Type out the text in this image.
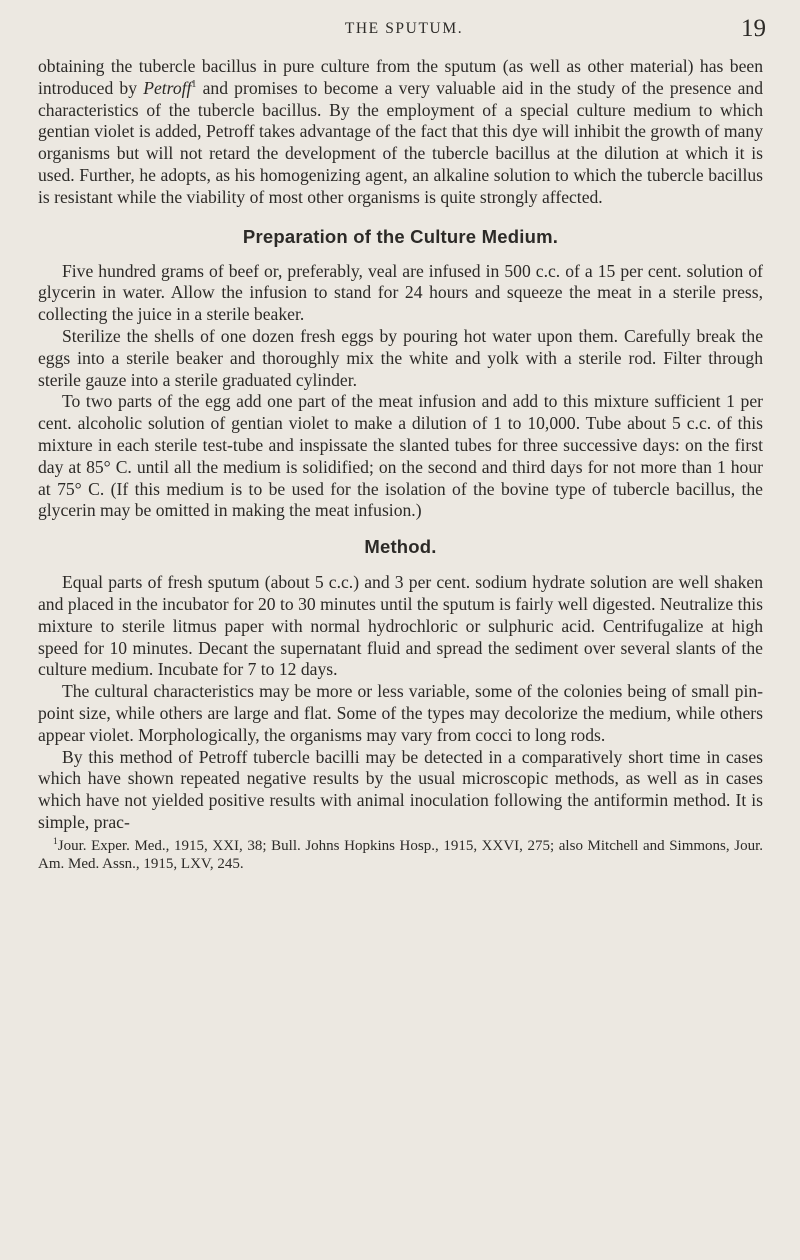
THE SPUTUM.	19

obtaining the tubercle bacillus in pure culture from the sputum (as well as other material) has been introduced by Petroff$^1$ and promises to become a very valuable aid in the study of the presence and characteristics of the tubercle bacillus. By the employment of a special culture medium to which gentian violet is added, Petroff takes advantage of the fact that this dye will inhibit the growth of many organisms but will not retard the development of the tubercle bacillus at the dilution at which it is used. Further, he adopts, as his homogenizing agent, an alkaline solution to which the tubercle bacillus is resistant while the viability of most other organisms is quite strongly affected.

Preparation of the Culture Medium.

Five hundred grams of beef or, preferably, veal are infused in 500 c.c. of a 15 per cent. solution of glycerin in water. Allow the infusion to stand for 24 hours and squeeze the meat in a sterile press, collecting the juice in a sterile beaker.

Sterilize the shells of one dozen fresh eggs by pouring hot water upon them. Carefully break the eggs into a sterile beaker and thoroughly mix the white and yolk with a sterile rod. Filter through sterile gauze into a sterile graduated cylinder.

To two parts of the egg add one part of the meat infusion and add to this mixture sufficient 1 per cent. alcoholic solution of gentian violet to make a dilution of 1 to 10,000. Tube about 5 c.c. of this mixture in each sterile test-tube and inspissate the slanted tubes for three successive days: on the first day at 85° C. until all the medium is solidified; on the second and third days for not more than 1 hour at 75° C. (If this medium is to be used for the isolation of the bovine type of tubercle bacillus, the glycerin may be omitted in making the meat infusion.)

Method.

Equal parts of fresh sputum (about 5 c.c.) and 3 per cent. sodium hydrate solution are well shaken and placed in the incubator for 20 to 30 minutes until the sputum is fairly well digested. Neutralize this mixture to sterile litmus paper with normal hydrochloric or sulphuric acid. Centrifugalize at high speed for 10 minutes. Decant the supernatant fluid and spread the sediment over several slants of the culture medium. Incubate for 7 to 12 days.

The cultural characteristics may be more or less variable, some of the colonies being of small pin-point size, while others are large and flat. Some of the types may decolorize the medium, while others appear violet. Morphologically, the organisms may vary from cocci to long rods.

By this method of Petroff tubercle bacilli may be detected in a comparatively short time in cases which have shown repeated negative results by the usual microscopic methods, as well as in cases which have not yielded positive results with animal inoculation following the antiformin method. It is simple, prac-

$^1$Jour. Exper. Med., 1915, XXI, 38; Bull. Johns Hopkins Hosp., 1915, XXVI, 275; also Mitchell and Simmons, Jour. Am. Med. Assn., 1915, LXV, 245.
